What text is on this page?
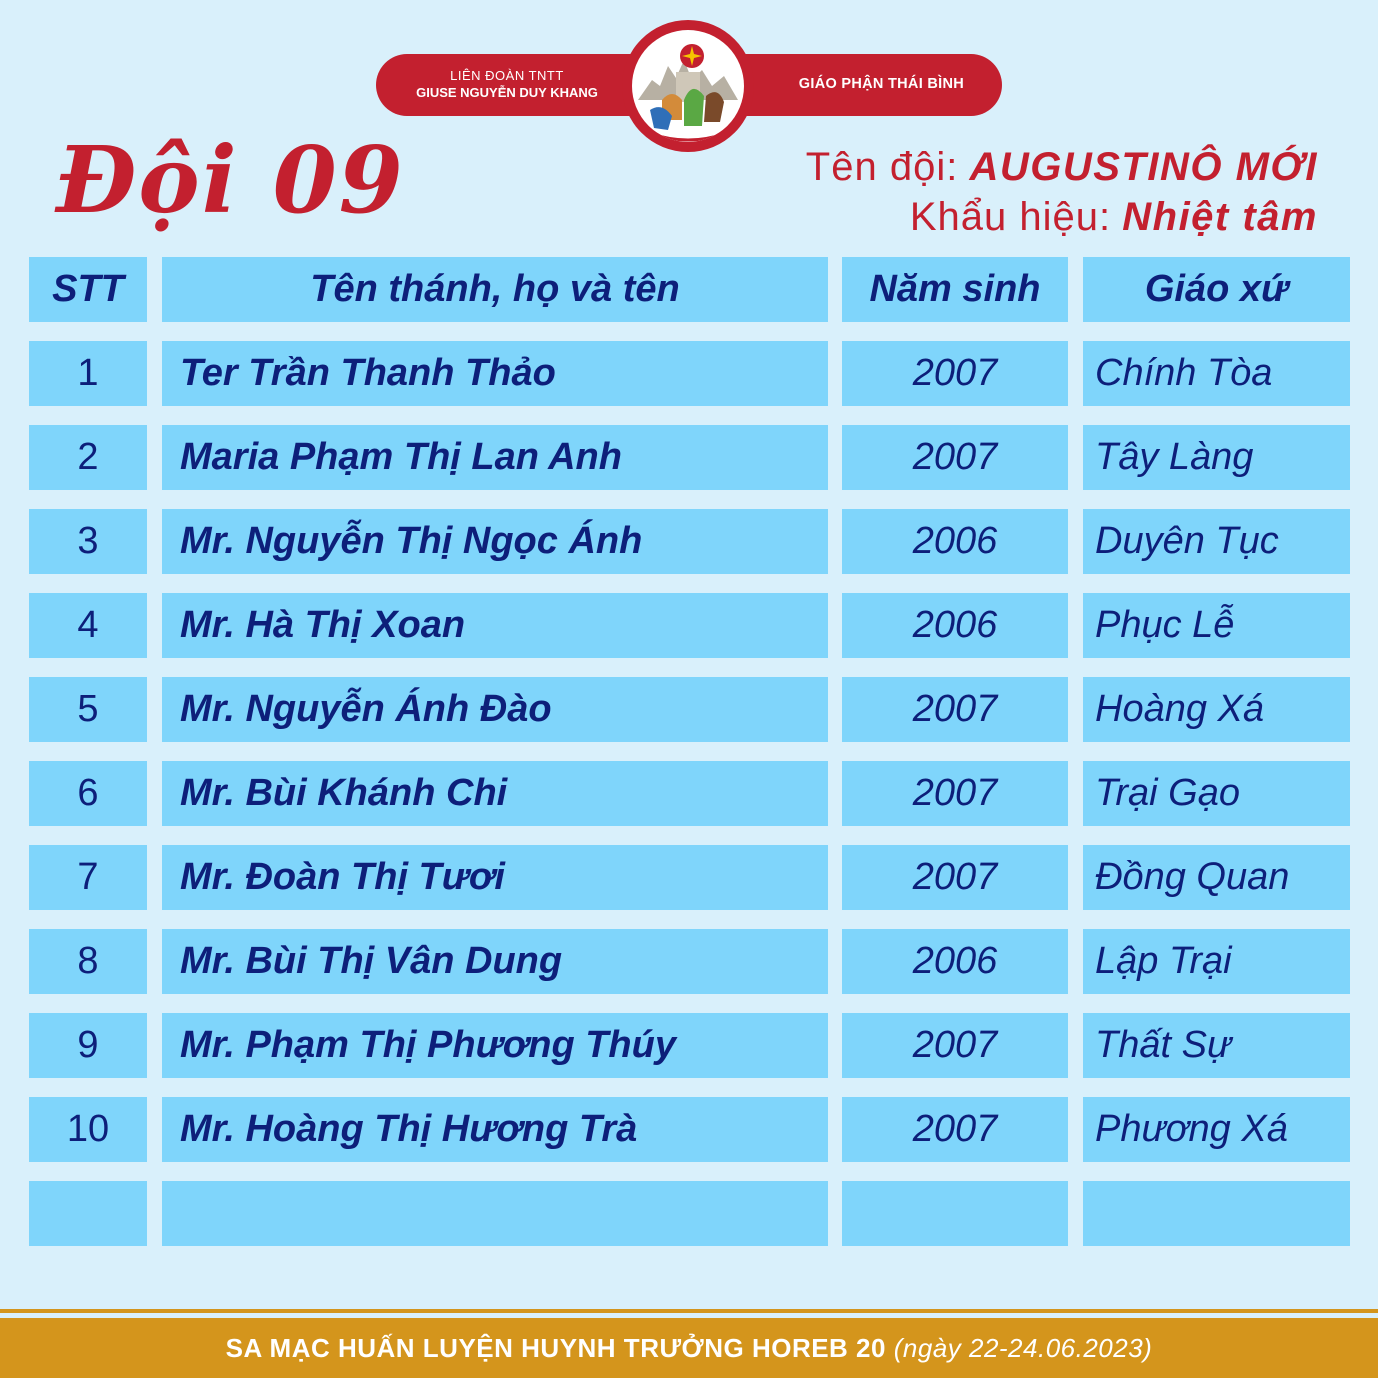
LIÊN ĐOÀN TNTT
GIUSE NGUYỄN DUY KHANG
GIÁO PHẬN THÁI BÌNH
Đội 09	Tên đội: AUGUSTINÔ MỚI
Khẩu hiệu: Nhiệt tâm
STT	Tên thánh, họ và tên	Năm sinh	Giáo xứ
1	Ter Trần Thanh Thảo	2007	Chính Tòa
2	Maria Phạm Thị Lan Anh	2007	Tây Làng
3	Mr. Nguyễn Thị Ngọc Ánh	2006	Duyên Tục
4	Mr. Hà Thị Xoan	2006	Phục Lễ
5	Mr. Nguyễn Ánh Đào	2007	Hoàng Xá
6	Mr. Bùi Khánh Chi	2007	Trại Gạo
7	Mr. Đoàn Thị Tươi	2007	Đồng Quan
8	Mr. Bùi Thị Vân Dung	2006	Lập Trại
9	Mr. Phạm Thị Phương Thúy	2007	Thất Sự
10	Mr. Hoàng Thị Hương Trà	2007	Phương Xá
SA MẠC HUẤN LUYỆN HUYNH TRƯỞNG HOREB 20 (ngày 22-24.06.2023)
